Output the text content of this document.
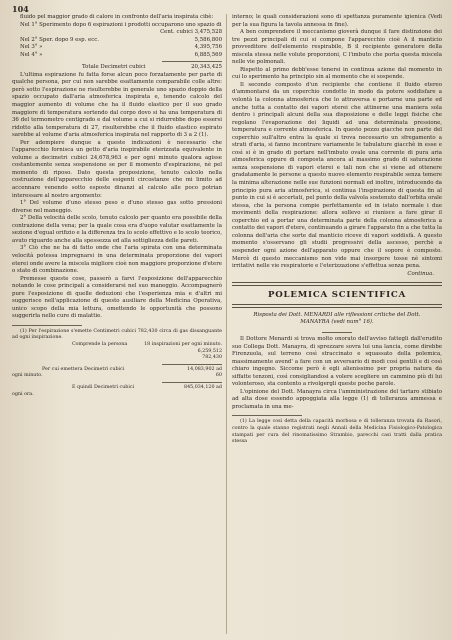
104

fluido pel maggior grado di calore in confronto dell'aria inspirata cibè:

Nel 1° Sperimento dopo 6 espirazioni i prodotti occuparono uno spazio di
Cent. cubici 3,475,528
Nel 2° Sper. dopo 9 esp. ecc.	5,586,800
Nel 3° »	4,395,756
Nel 4° »	6,885,569
Totale Decimetri cubici	20,343,425

L'ultima espirazione fu fatta forse alcun poco forzatamente per parte di qualche persona, per cui non sarebbe esattamente comparabile colle altre: però sotto l'espirazione ne risulterebbe in generale uno spazio doppio della spazio occupato dall'aria atmosferica inspirata e, tenendo calcolo del maggior aumento di volume che ha il fluido elastico per il suo grado maggiore di temperatura sortendo dal corpo dovo si ha una temperatura di 36 del termometro centigrado e dal volume a cui si ridurrebbe dopo essersi ridotto alla temperatura di 27, risulterebbe che il fluido elastico espirato sarebbe al volume d'aria atmosferica inspirata nel rapporto di 3 a 2 (1).

Per adempiere dunque a queste indicazioni è necessario che l'apparecchio fornisca un getto d'aria inspirabile eterizzata equivalente in volume a decimetri cubici 24,678,963 e per ogni minuto qualora agisse costantemente senza sospensione se per il momento d'espirazione, nè pel momento di riposo. Dato questa proposizione, tenuto calcolo nella costruzione dell'apparecchio delle esigenti circostanze che mi limito ad accennare venendo sotto esposte dinanzi al calcolo alle poco potrian interessare al nostro argomento:

1° Del volume d'uno stesso peso e d'uno stesso gas sotto pressioni diverse nel maneggio.

2° Della velocità delle scolo, tenuto calcolo per quanto era possibile della contrazione della vena; per la quale cosa era d'uopo valutar esattamente la sezione d'egual orifizio e la differenza tra lo scolo effettivo e lo scolo teorico, avuto riguardo anche alla spessezza ed alla sottigliezza delle pareti.

3° Ciò che ne ha di fatto onde che l'aria spirata con una determinata velocità potessa impregnarsi in una determinata proporzione dei vapori eterei onde avere la miscela migliore cioè non maggiore proporzione d'etere o stato di combinazione.

Premesse queste cose, passerò a farvi l'esposizione dell'apparecchio notando le cose principali a considerarsi nel suo maneggio. Accompagnerò pure l'esposizione di quelle deduzioni che l'esperienza mia e d'altri mi suggerisce nell'applicazione di questo ausiliare della Medicina Operativa, unico scopo della mia lettura, omettendo le opportunità che possono suggerirla nello cure di malattie.

(1) Per l'espirazione s'emette Centimetri cubici 782,430 circa di gas dissanguante ad ogni inspirazione.

Comprende la persona	18 inspirazioni per ogni minuto.
6,259,512
782,430
Per cui emettera Decimetri cubici	14,083,902 ad
ogni minuto.	60
E quindi Decimetri cubici	845,034,120 ad
ogni ora.

interno; le quali considerazioni sono di spettanza puramente igienica (Vedi per la sua figura la tavola annessa in fine).

A ben comprendere il meccanismo gioverà dunque il fare distinzione dei tre pezzi principali di cui si compone l'apparecchio cioè A il manticio provveditore dell'elemento respirabile, B il recipiente generatore della miscela stessa nelle volute proporzioni, C l'imbuto che porta questa miscela nelle vie polmonali.

Rispetto al primo debb'esse tenersi in continua azione dal momento in cui lo sperimento ha principio sin al momento che si sospende.

Il secondo composto d'un recipiente che contiene il fluido etereo d'ammontarsi da un coperchio condotto in modo da potere soddisfare a volontà la colonna atmosferica che lo attraversa e portarne una parte ed anche tutta a contatto dei vapori eterei che attinerne una maniera sola dentro i principali alcuni della sua disposizione e delle leggi fisiche che regolano l'evaporazione dei liquidi ad una determinata pressione, temperatura e corrente atmosferica. In questo pezzo giacche non parte del coperchio sull'altro entra la quale si trova necessario un sfregamento a strati d'aria, si fanno incontrare variamente le tubulature giacchè in esse e così si è in grado di portare nell'imbuto ovale una corrente di pura aria atmosferica oppure di composta ancora al massimo grado di saturazione senza sospensione di vapori eterei e tali non che si viene ad ottenere gradatamente le persone a questo nuovo elemento respirabile senza temere la minima alterazione nelle sue funzioni normali ed inoltre, introducendo da principio pura aria atmosferica, si continua l'inspirazione di questa fin al punto in cui si è accertati, pel punto della valvola sostenuto dall'orbita orale stessa, che la persona compie perfettamente ed in istato normale i due movimenti della respirazione: allora sollevo si riunisce a fare girar il coperchio ed a portar una determinata parte della colonna atmosferica a contatto dei vapori d'etere, continuando a girare l'apparato fin a che tutta la colonna dell'aria che sorte dal manticio riceve di vapori soddisfà. A questo momento s'osservano gli studii progressivi della ascesso, perchè a sospender ogni azione dell'apparato oppure che il sopore è composto. Mercè di questo meccanismo non vide mai insorgere tosse nè sintomi irritativi nelle vie respiratorie e l'eterizzazione s'effettua senza pena.

Continua.
POLEMICA SCIENTIFICA

Risposta dei Dott. MENARDI alle riflessioni critiche del Dott. MANAYRA (vedi num° 16).

Il Dottore Menardi si trova molto onorato dell'avviso fattegli dall'erudito suo Collega Dott. Manayra, di sprezzare sovra lui una lancia, come direbbe Firenzuola, sul terreno così straccinato e squassato della polemica, massimamente avend' a fare con un avversario di modi così gentili e di così chiaro ingegno. Siccome però è egli alienissimo per propria natura da siffatte tenzoni, così consigliandosi a volere scegliere un cammino più di lui volonteroso, sta contento a rivolgergli queste poche parole.

L'opinione del Dott. Manayra circa l'amministrazione del tartaro stibiato ad alta dose essendo appoggiata alla legge (1) di tolleranza ammessa e proclamata in una me-

(1) La legge così detta della capacità morbosa e di tolleranza trovata da Rasori, contro la quale stanno registrati negli Annali della Medicina Fisiologico-Patologica stampati per cura del rinomatissimo Strambio, parecchi casi tratti dalla pratica stessa
